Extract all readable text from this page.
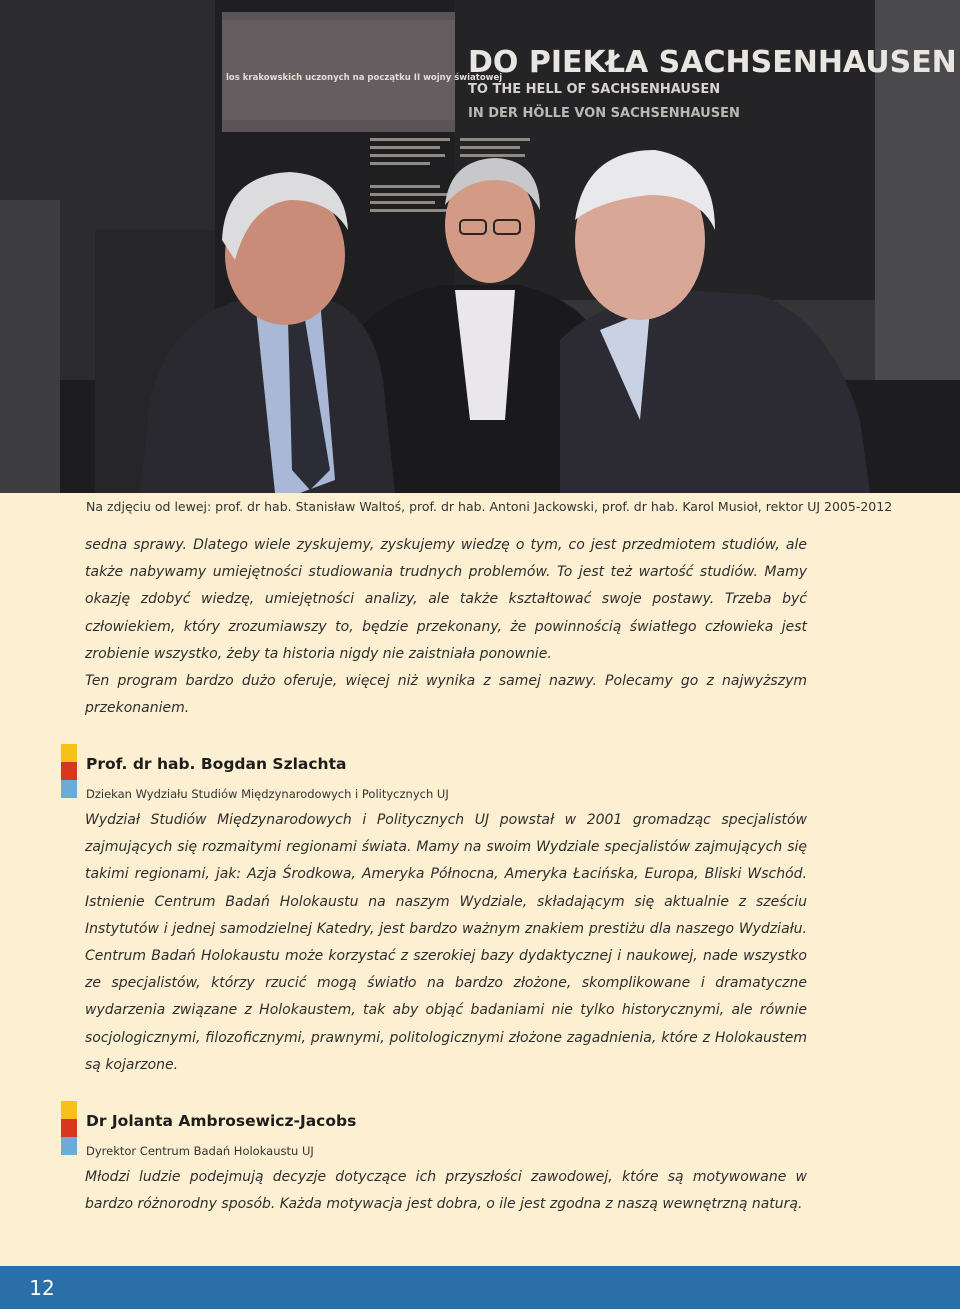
DO PIEKŁA SACHSENHAUSEN
TO THE HELL OF SACHSENHAUSEN
IN DER HÖLLE VON SACHSENHAUSEN
los krakowskich uczonych na początku II wojny światowej
Na zdjęciu od lewej: prof. dr hab. Stanisław Waltoś, prof. dr hab. Antoni Jackowski, prof. dr hab. Karol Musioł, rektor UJ 2005-2012

sedna sprawy. Dlatego wiele zyskujemy, zyskujemy wiedzę o tym, co jest przedmiotem studiów, ale także nabywamy umiejętności studiowania trudnych problemów. To jest też wartość studiów. Mamy okazję zdobyć wiedzę, umiejętności analizy, ale także kształtować swoje postawy. Trzeba być człowiekiem, który zrozumiawszy to, będzie przekonany, że powinnością światłego człowieka jest zrobienie wszystko, żeby ta historia nigdy nie zaistniała ponownie.

Ten program bardzo dużo oferuje, więcej niż wynika z samej nazwy. Polecamy go z najwyższym przekonaniem.

Prof. dr hab. Bogdan Szlachta
Dziekan Wydziału Studiów Międzynarodowych i Politycznych UJ

Wydział Studiów Międzynarodowych i Politycznych UJ powstał w 2001 gromadząc specjalistów zajmujących się rozmaitymi regionami świata. Mamy na swoim Wydziale specjalistów zajmujących się takimi regionami, jak: Azja Środkowa, Ameryka Północna, Ameryka Łacińska, Europa, Bliski Wschód. Istnienie Centrum Badań Holokaustu na naszym Wydziale, składającym się aktualnie z sześciu Instytutów i jednej samodzielnej Katedry, jest bardzo ważnym znakiem prestiżu dla naszego Wydziału. Centrum Badań Holokaustu może korzystać z szerokiej bazy dydaktycznej i naukowej, nade wszystko ze specjalistów, którzy rzucić mogą światło na bardzo złożone, skomplikowane i dramatyczne wydarzenia związane z Holokaustem, tak aby objąć badaniami nie tylko historycznymi, ale równie socjologicznymi, filozoficznymi, prawnymi, politologicznymi złożone zagadnienia, które z Holokaustem są kojarzone.

Dr Jolanta Ambrosewicz-Jacobs
Dyrektor Centrum Badań Holokaustu UJ

Młodzi ludzie podejmują decyzje dotyczące ich przyszłości zawodowej, które są motywowane w bardzo różnorodny sposób. Każda motywacja jest dobra, o ile jest zgodna z naszą wewnętrzną naturą.

12
